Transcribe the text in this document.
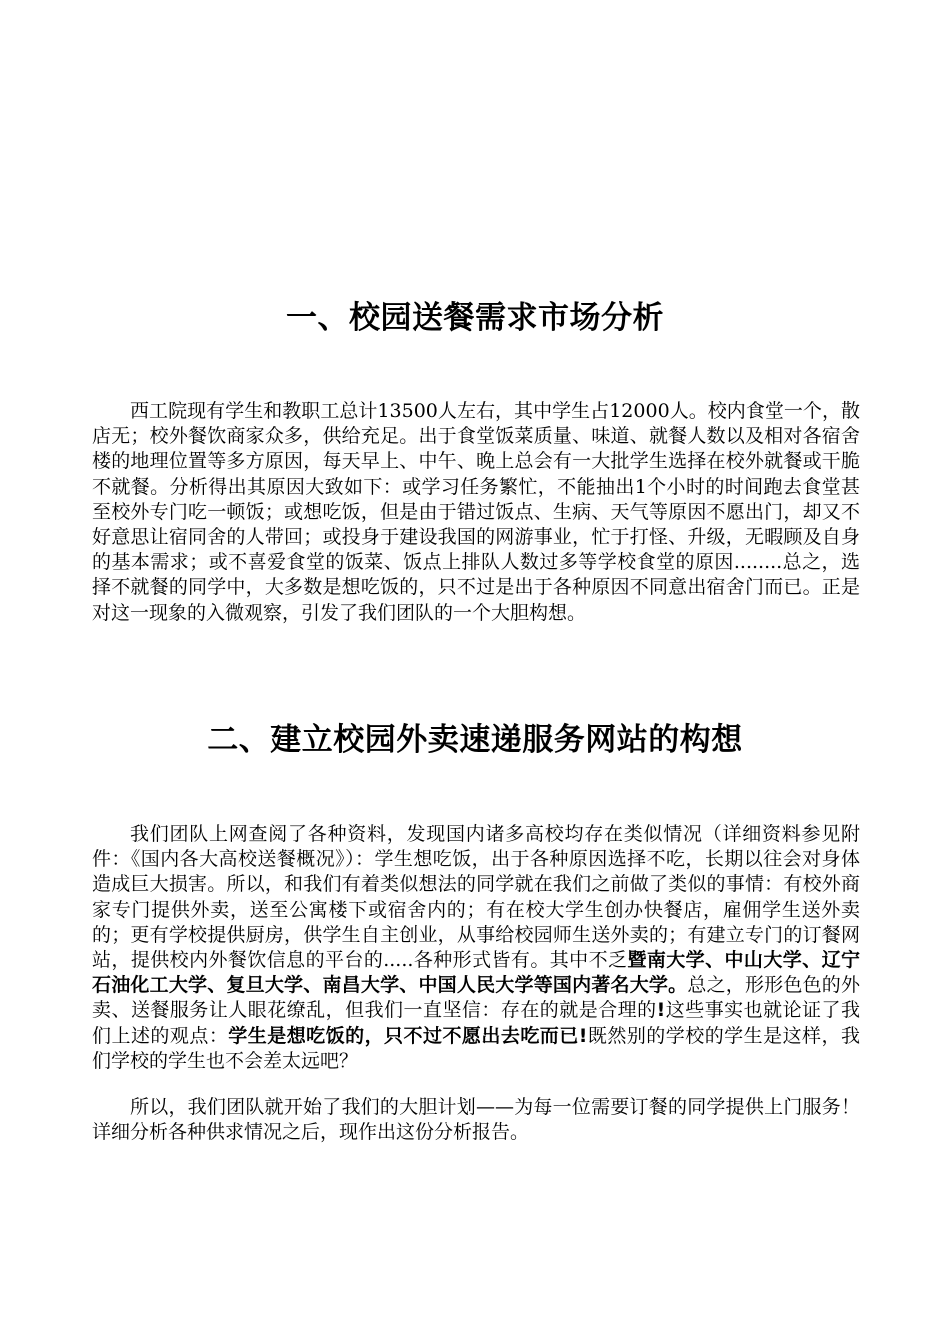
一、校园送餐需求市场分析

西工院现有学生和教职工总计13500人左右，其中学生占12000人。校内食堂一个，散店无；校外餐饮商家众多，供给充足。出于食堂饭菜质量、味道、就餐人数以及相对各宿舍楼的地理位置等多方原因，每天早上、中午、晚上总会有一大批学生选择在校外就餐或干脆不就餐。分析得出其原因大致如下：或学习任务繁忙，不能抽出1个小时的时间跑去食堂甚至校外专门吃一顿饭；或想吃饭，但是由于错过饭点、生病、天气等原因不愿出门，却又不好意思让宿同舍的人带回；或投身于建设我国的网游事业，忙于打怪、升级，无暇顾及自身的基本需求；或不喜爱食堂的饭菜、饭点上排队人数过多等学校食堂的原因........总之，选择不就餐的同学中，大多数是想吃饭的，只不过是出于各种原因不同意出宿舍门而已。正是对这一现象的入微观察，引发了我们团队的一个大胆构想。

二、建立校园外卖速递服务网站的构想

我们团队上网查阅了各种资料，发现国内诸多高校均存在类似情况（详细资料参见附件：《国内各大高校送餐概况》）：学生想吃饭，出于各种原因选择不吃，长期以往会对身体造成巨大损害。所以，和我们有着类似想法的同学就在我们之前做了类似的事情：有校外商家专门提供外卖，送至公寓楼下或宿舍内的；有在校大学生创办快餐店，雇佣学生送外卖的；更有学校提供厨房，供学生自主创业，从事给校园师生送外卖的；有建立专门的订餐网站，提供校内外餐饮信息的平台的.....各种形式皆有。其中不乏暨南大学、中山大学、辽宁石油化工大学、复旦大学、南昌大学、中国人民大学等国内著名大学。总之，形形色色的外卖、送餐服务让人眼花缭乱，但我们一直坚信：存在的就是合理的!这些事实也就论证了我们上述的观点：学生是想吃饭的，只不过不愿出去吃而已!既然别的学校的学生是这样，我们学校的学生也不会差太远吧？

所以，我们团队就开始了我们的大胆计划——为每一位需要订餐的同学提供上门服务！详细分析各种供求情况之后，现作出这份分析报告。
